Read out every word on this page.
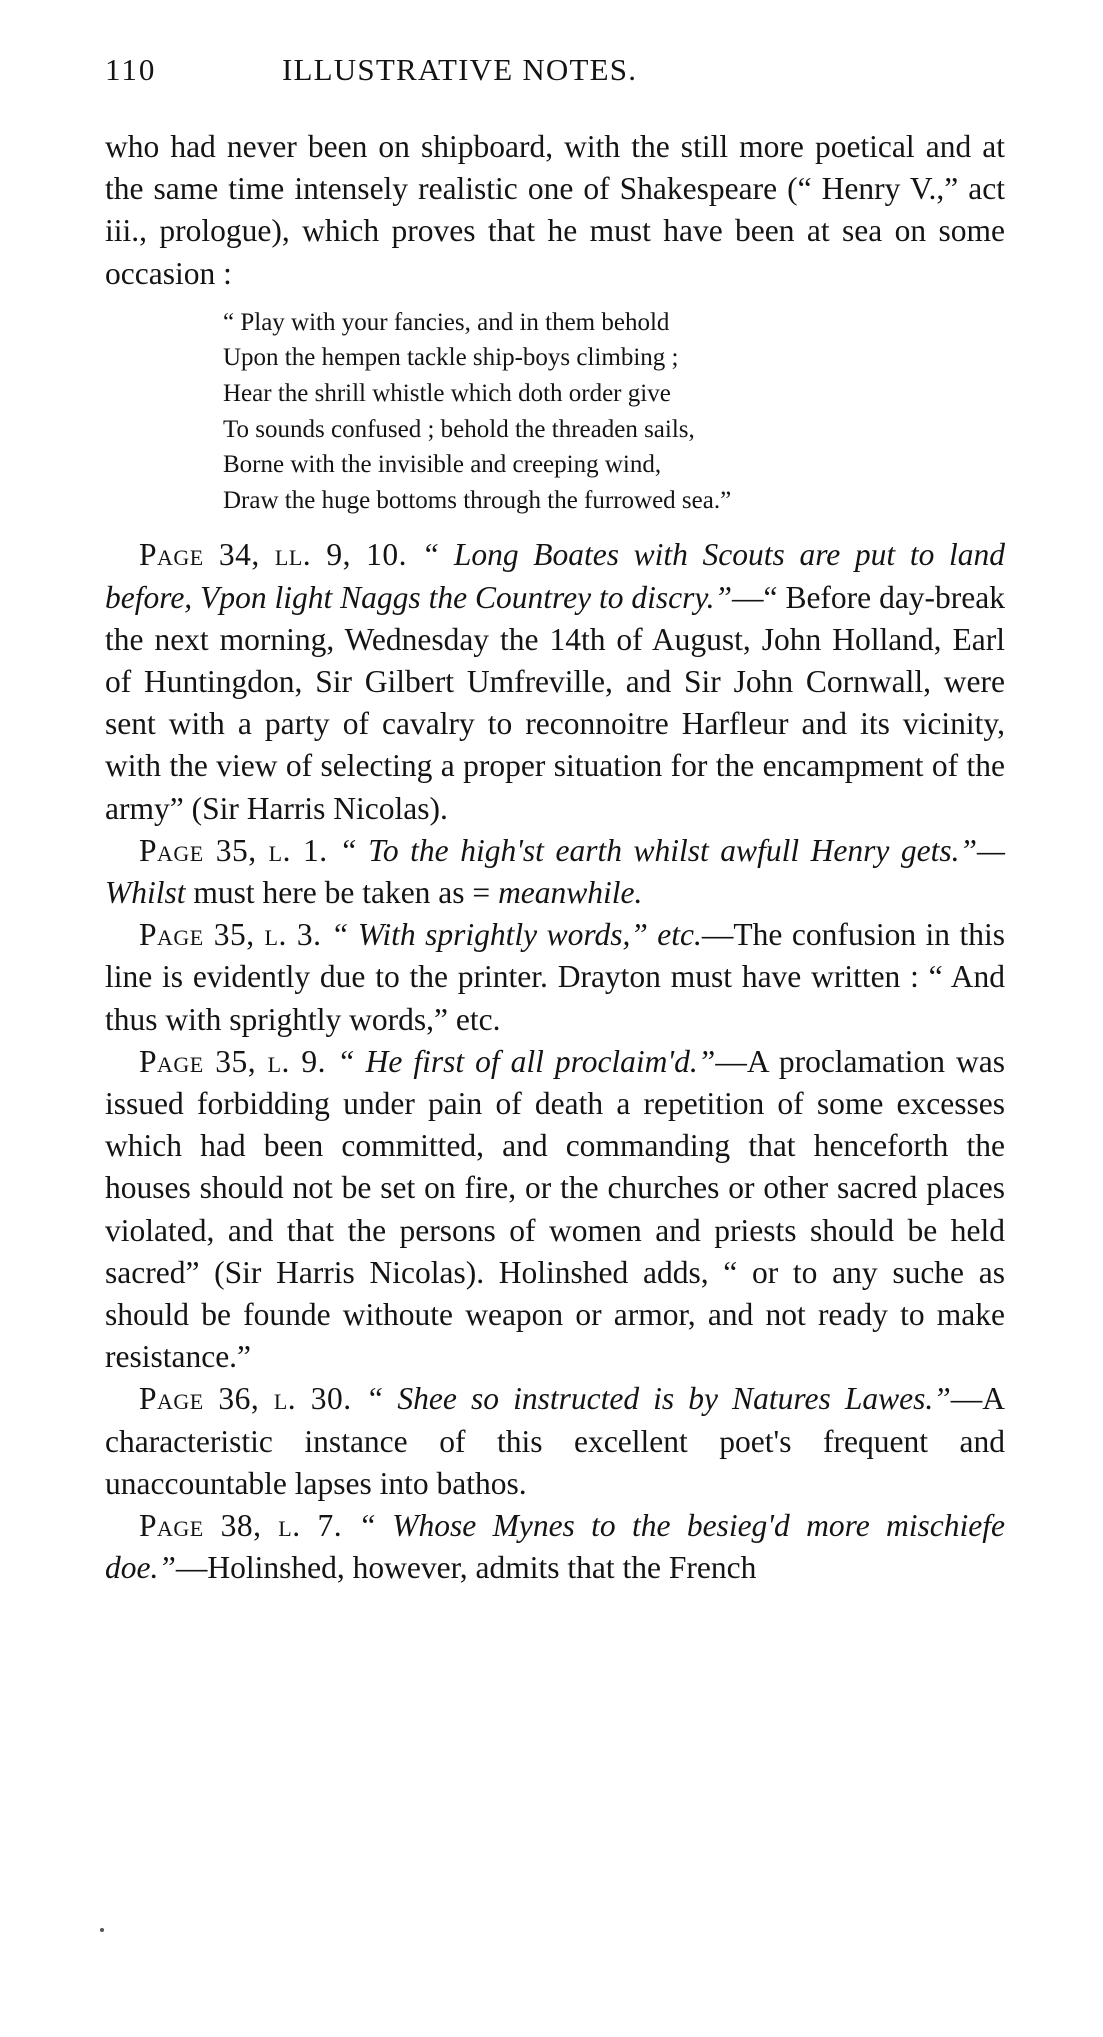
110	ILLUSTRATIVE NOTES.

who had never been on shipboard, with the still more poetical and at the same time intensely realistic one of Shakespeare (“ Henry V.,” act iii., prologue), which proves that he must have been at sea on some occasion :

“ Play with your fancies, and in them behold
Upon the hempen tackle ship-boys climbing ;
Hear the shrill whistle which doth order give
To sounds confused ; behold the threaden sails,
Borne with the invisible and creeping wind,
Draw the huge bottoms through the furrowed sea.”

Page 34, ll. 9, 10. “ Long Boates with Scouts are put to land before, Vpon light Naggs the Countrey to discry.”—“ Before day-break the next morning, Wednesday the 14th of August, John Holland, Earl of Huntingdon, Sir Gilbert Umfreville, and Sir John Cornwall, were sent with a party of cavalry to reconnoitre Harfleur and its vicinity, with the view of selecting a proper situation for the encampment of the army” (Sir Harris Nicolas).

Page 35, l. 1. “ To the high'st earth whilst awfull Henry gets.”—Whilst must here be taken as = meanwhile.

Page 35, l. 3. “ With sprightly words,” etc.—The confusion in this line is evidently due to the printer. Drayton must have written : “ And thus with sprightly words,” etc.

Page 35, l. 9. “ He first of all proclaim'd.”—A proclamation was issued forbidding under pain of death a repetition of some excesses which had been committed, and commanding that henceforth the houses should not be set on fire, or the churches or other sacred places violated, and that the persons of women and priests should be held sacred” (Sir Harris Nicolas). Holinshed adds, “ or to any suche as should be founde withoute weapon or armor, and not ready to make resistance.”

Page 36, l. 30. “ Shee so instructed is by Natures Lawes.”—A characteristic instance of this excellent poet's frequent and unaccountable lapses into bathos.

Page 38, l. 7. “ Whose Mynes to the besieg'd more mischiefe doe.”—Holinshed, however, admits that the French
